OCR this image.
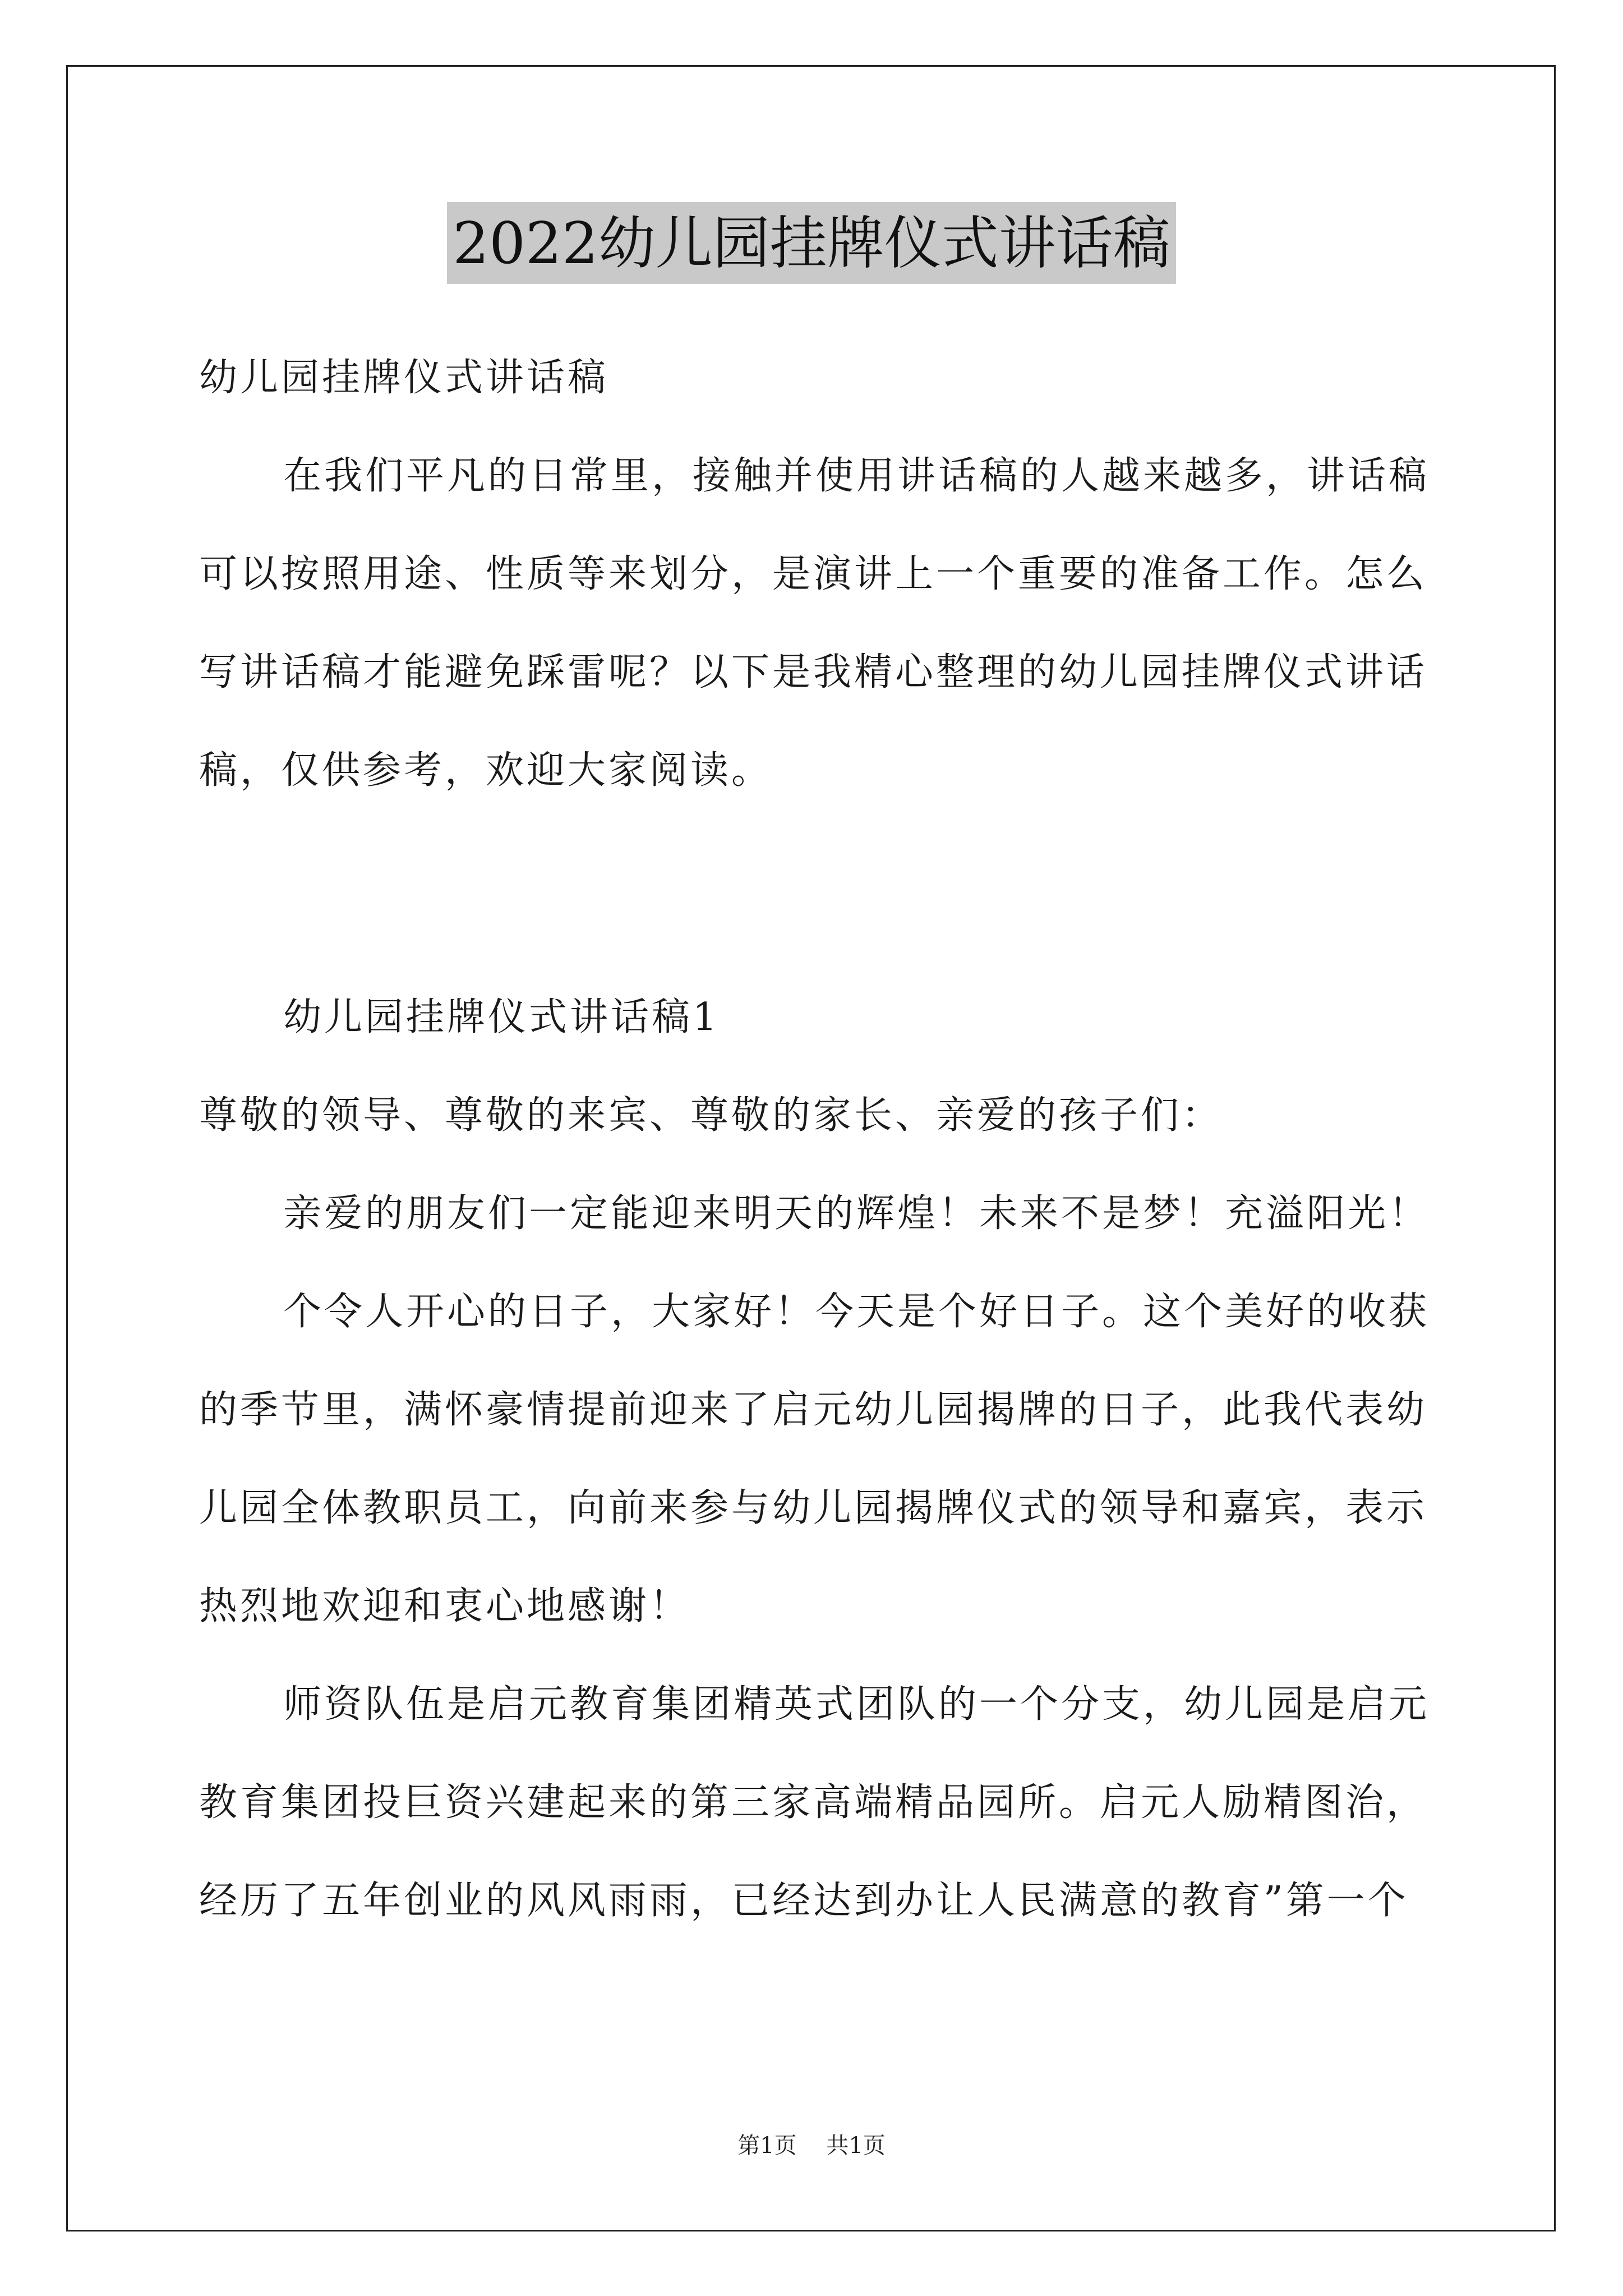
2022幼儿园挂牌仪式讲话稿
幼儿园挂牌仪式讲话稿
在我们平凡的日常里，接触并使用讲话稿的人越来越多，讲话稿
可以按照用途、性质等来划分，是演讲上一个重要的准备工作。怎么
写讲话稿才能避免踩雷呢？以下是我精心整理的幼儿园挂牌仪式讲话
稿，仅供参考，欢迎大家阅读。
幼儿园挂牌仪式讲话稿1
尊敬的领导、尊敬的来宾、尊敬的家长、亲爱的孩子们：
亲爱的朋友们一定能迎来明天的辉煌！未来不是梦！充溢阳光！
个令人开心的日子，大家好！今天是个好日子。这个美好的收获
的季节里，满怀豪情提前迎来了启元幼儿园揭牌的日子，此我代表幼
儿园全体教职员工，向前来参与幼儿园揭牌仪式的领导和嘉宾，表示
热烈地欢迎和衷心地感谢！
师资队伍是启元教育集团精英式团队的一个分支，幼儿园是启元
教育集团投巨资兴建起来的第三家高端精品园所。启元人励精图治，
经历了五年创业的风风雨雨，已经达到办让人民满意的教育”第一个
第1页 共1页
